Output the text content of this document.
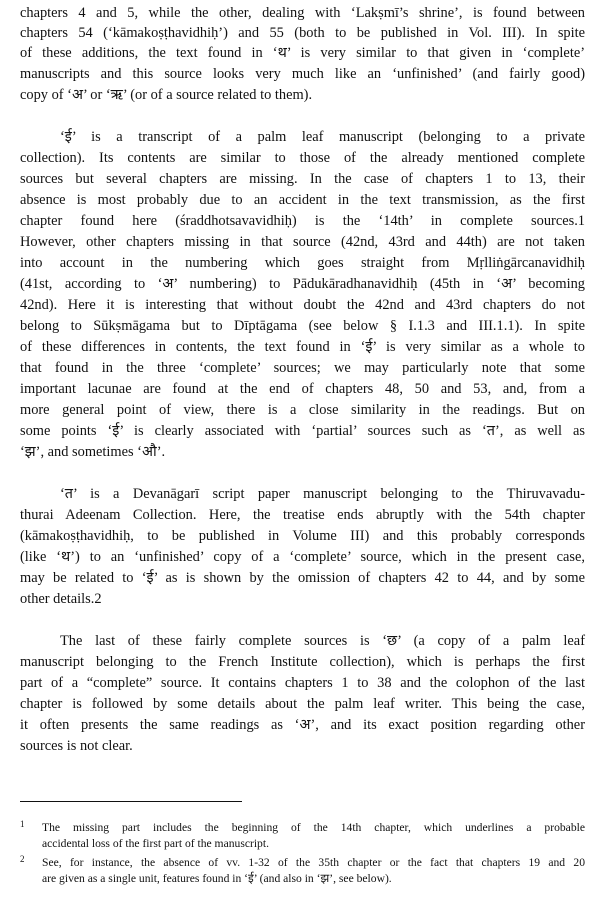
chapters 4 and 5, while the other, dealing with ‘Lakṣmī’s shrine’, is found between
chapters 54 (‘kāmakoṣṭhavidhiḥ’) and 55 (both to be published in Vol. III). In spite
of these additions, the text found in ‘थ’ is very similar to that given in ‘complete’
manuscripts and this source looks very much like an ‘unfinished’ (and fairly good)
copy of ‘अ’ or ‘ऋ’ (or of a source related to them).
‘ई’ is a transcript of a palm leaf manuscript (belonging to a private
collection). Its contents are similar to those of the already mentioned complete
sources but several chapters are missing. In the case of chapters 1 to 13, their
absence is most probably due to an accident in the text transmission, as the first
chapter found here (śraddhotsavavidhiḥ) is the ‘14th’ in complete sources.1
However, other chapters missing in that source (42nd, 43rd and 44th) are not taken
into account in the numbering which goes straight from Mṛlliṅgārcanavidhiḥ
(41st, according to ‘अ’ numbering) to Pādukāradhanavidhiḥ (45th in ‘अ’ becoming
42nd). Here it is interesting that without doubt the 42nd and 43rd chapters do not
belong to Sūkṣmāgama but to Dīptāgama (see below § I.1.3 and III.1.1). In spite
of these differences in contents, the text found in ‘ई’ is very similar as a whole to
that found in the three ‘complete’ sources; we may particularly note that some
important lacunae are found at the end of chapters 48, 50 and 53, and, from a
more general point of view, there is a close similarity in the readings. But on
some points ‘ई’ is clearly associated with ‘partial’ sources such as ‘त’, as well as
‘झ’, and sometimes ‘औ’.
‘त’ is a Devanāgarī script paper manuscript belonging to the Thiruvavadu-
thurai Adeenam Collection. Here, the treatise ends abruptly with the 54th chapter
(kāmakoṣṭhavidhiḥ, to be published in Volume III) and this probably corresponds
(like ‘थ’) to an ‘unfinished’ copy of a ‘complete’ source, which in the present case,
may be related to ‘ई’ as is shown by the omission of chapters 42 to 44, and by some
other details.2
The last of these fairly complete sources is ‘छ’ (a copy of a palm leaf
manuscript belonging to the French Institute collection), which is perhaps the first
part of a “complete” source. It contains chapters 1 to 38 and the colophon of the last
chapter is followed by some details about the palm leaf writer. This being the case,
it often presents the same readings as ‘अ’, and its exact position regarding other
sources is not clear.
1 The missing part includes the beginning of the 14th chapter, which underlines a probable
accidental loss of the first part of the manuscript.
2 See, for instance, the absence of vv. 1-32 of the 35th chapter or the fact that chapters 19 and 20
are given as a single unit, features found in ‘ई’ (and also in ‘झ’, see below).
